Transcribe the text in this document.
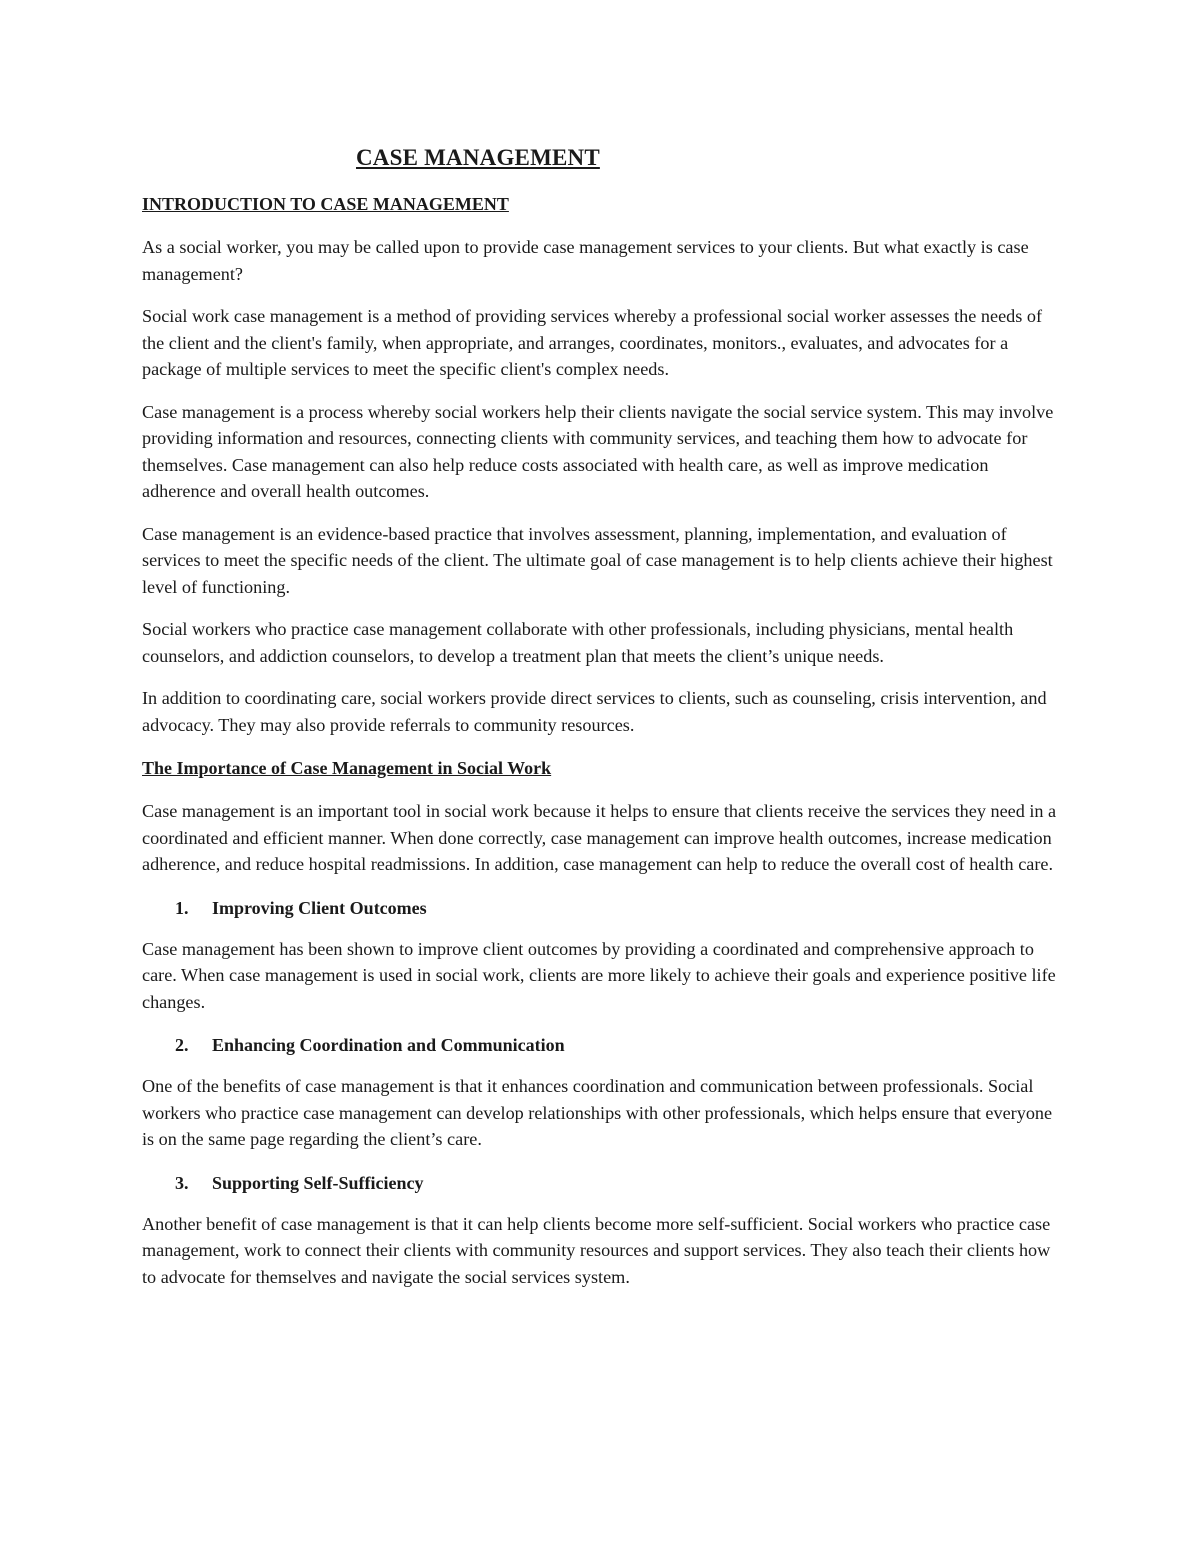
CASE MANAGEMENT
INTRODUCTION TO CASE MANAGEMENT

As a social worker, you may be called upon to provide case management services to your clients. But what exactly is case management?

Social work case management is a method of providing services whereby a professional social worker assesses the needs of the client and the client's family, when appropriate, and arranges, coordinates, monitors., evaluates, and advocates for a package of multiple services to meet the specific client's complex needs.

Case management is a process whereby social workers help their clients navigate the social service system. This may involve providing information and resources, connecting clients with community services, and teaching them how to advocate for themselves. Case management can also help reduce costs associated with health care, as well as improve medication adherence and overall health outcomes.

Case management is an evidence-based practice that involves assessment, planning, implementation, and evaluation of services to meet the specific needs of the client. The ultimate goal of case management is to help clients achieve their highest level of functioning.

Social workers who practice case management collaborate with other professionals, including physicians, mental health counselors, and addiction counselors, to develop a treatment plan that meets the client’s unique needs.

In addition to coordinating care, social workers provide direct services to clients, such as counseling, crisis intervention, and advocacy. They may also provide referrals to community resources.

The Importance of Case Management in Social Work

Case management is an important tool in social work because it helps to ensure that clients receive the services they need in a coordinated and efficient manner. When done correctly, case management can improve health outcomes, increase medication adherence, and reduce hospital readmissions. In addition, case management can help to reduce the overall cost of health care.

1.	Improving Client Outcomes

Case management has been shown to improve client outcomes by providing a coordinated and comprehensive approach to care. When case management is used in social work, clients are more likely to achieve their goals and experience positive life changes.

2.	Enhancing Coordination and Communication

One of the benefits of case management is that it enhances coordination and communication between professionals. Social workers who practice case management can develop relationships with other professionals, which helps ensure that everyone is on the same page regarding the client’s care.

3.	Supporting Self-Sufficiency

Another benefit of case management is that it can help clients become more self-sufficient. Social workers who practice case management, work to connect their clients with community resources and support services. They also teach their clients how to advocate for themselves and navigate the social services system.
